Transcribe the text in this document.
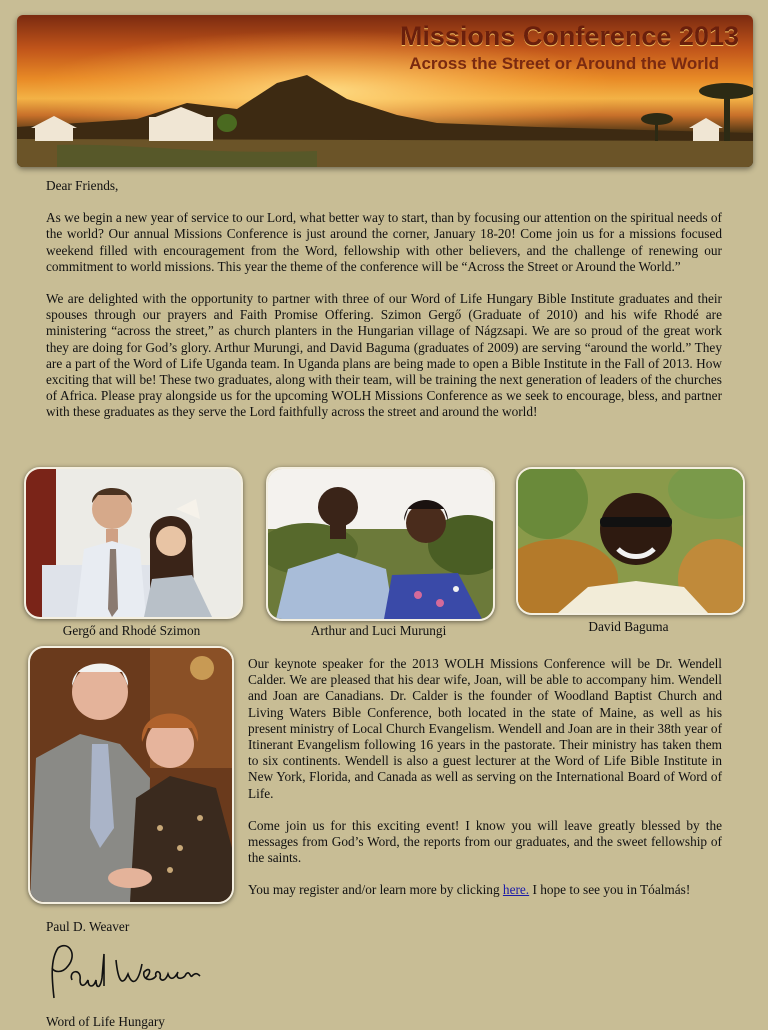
Missions Conference 2013
Across the Street or Around the World

Dear Friends,

As we begin a new year of service to our Lord, what better way to start, than by focusing our attention on the spiritual needs of the world? Our annual Missions Conference is just around the corner, January 18-20! Come join us for a missions focused weekend filled with encouragement from the Word, fellowship with other believers, and the challenge of renewing our commitment to world missions. This year the theme of the conference will be “Across the Street or Around the World.”

We are delighted with the opportunity to partner with three of our Word of Life Hungary Bible Institute graduates and their spouses through our prayers and Faith Promise Offering. Szimon Gergő (Graduate of 2010) and his wife Rhodé are ministering “across the street,” as church planters in the Hungarian village of Nágzsapi. We are so proud of the great work they are doing for God’s glory. Arthur Murungi, and David Baguma (graduates of 2009) are serving “around the world.” They are a part of the Word of Life Uganda team. In Uganda plans are being made to open a Bible Institute in the Fall of 2013. How exciting that will be! These two graduates, along with their team, will be training the next generation of leaders of the churches of Africa. Please pray alongside us for the upcoming WOLH Missions Conference as we seek to encourage, bless, and partner with these graduates as they serve the Lord faithfully across the street and around the world!

Gergő and Rhodé Szimon	Arthur and Luci Murungi	David Baguma

Our keynote speaker for the 2013 WOLH Missions Conference will be Dr. Wendell Calder. We are pleased that his dear wife, Joan, will be able to accompany him. Wendell and Joan are Canadians. Dr. Calder is the founder of Woodland Baptist Church and Living Waters Bible Conference, both located in the state of Maine, as well as his present ministry of Local Church Evangelism. Wendell and Joan are in their 38th year of Itinerant Evangelism following 16 years in the pastorate. Their ministry has taken them to six continents. Wendell is also a guest lecturer at the Word of Life Bible Institute in New York, Florida, and Canada as well as serving on the International Board of Word of Life.

Come join us for this exciting event! I know you will leave greatly blessed by the messages from God’s Word, the reports from our graduates, and the sweet fellowship of the saints.

You may register and/or learn more by clicking here. I hope to see you in Tóalmás!

Paul D. Weaver
Word of Life Hungary
